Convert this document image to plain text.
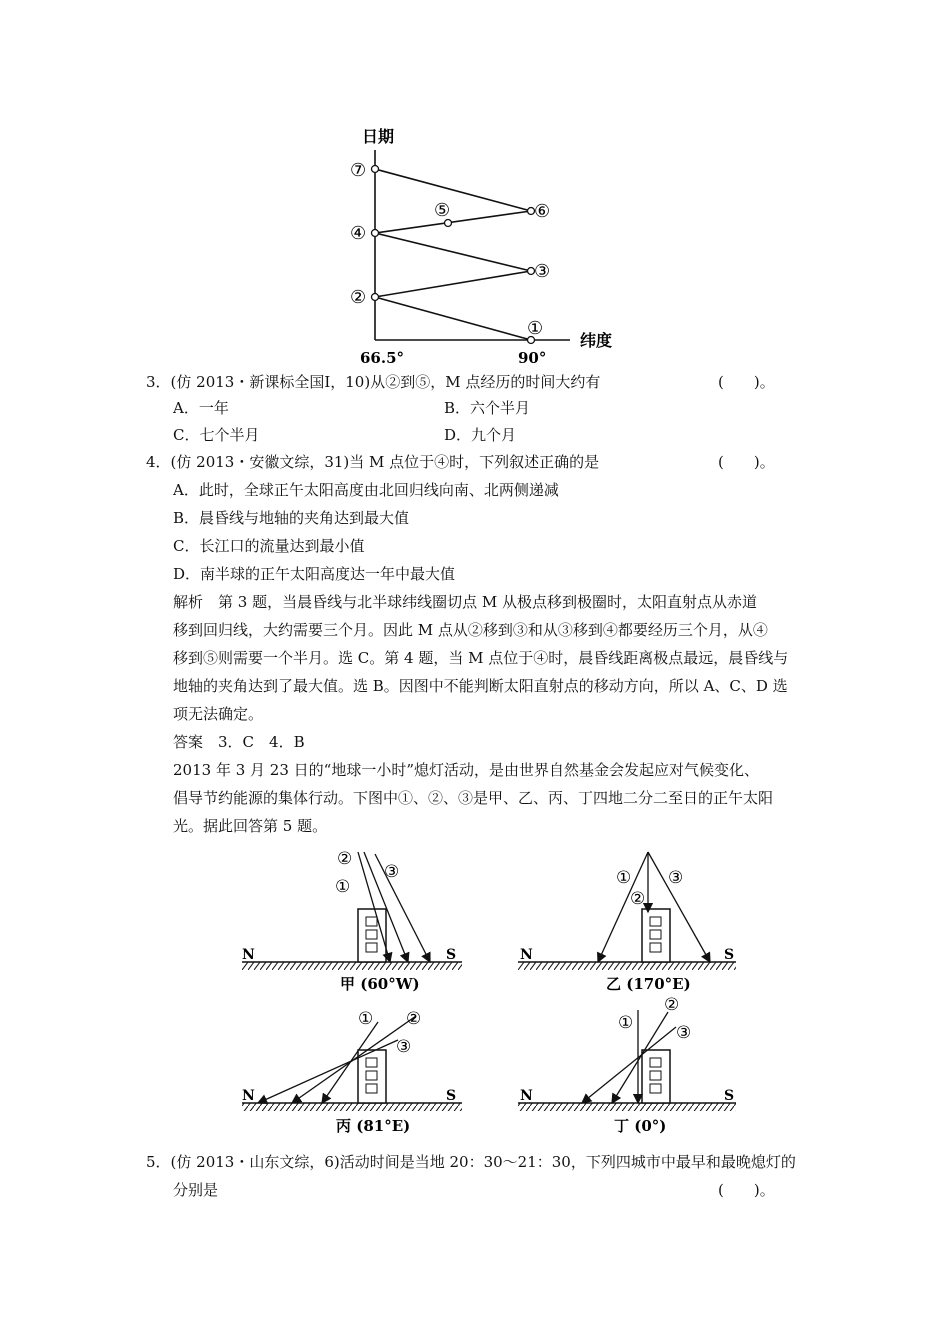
日期
纬度
66.5°	90°
⑦
⑥
⑤
④
③
②
①
3．(仿 2013・新课标全国Ⅰ，10)从②到⑤，M 点经历的时间大约有	(　　)。
A．一年	B．六个半月
C．七个半月	D．九个月
4．(仿 2013・安徽文综，31)当 M 点位于④时，下列叙述正确的是	(　　)。
A．此时，全球正午太阳高度由北回归线向南、北两侧递减
B．晨昏线与地轴的夹角达到最大值
C．长江口的流量达到最小值
D．南半球的正午太阳高度达一年中最大值
解析　第 3 题，当晨昏线与北半球纬线圈切点 M 从极点移到极圈时，太阳直射点从赤道
移到回归线，大约需要三个月。因此 M 点从②移到③和从③移到④都要经历三个月，从④
移到⑤则需要一个半月。选 C。第 4 题，当 M 点位于④时，晨昏线距离极点最远，晨昏线与
地轴的夹角达到了最大值。选 B。因图中不能判断太阳直射点的移动方向，所以 A、C、D 选
项无法确定。
答案　3．C　4．B
2013 年 3 月 23 日的“地球一小时”熄灯活动，是由世界自然基金会发起应对气候变化、
倡导节约能源的集体行动。下图中①、②、③是甲、乙、丙、丁四地二分二至日的正午太阳
光。据此回答第 5 题。
N	S
①
②
③
甲 (60°W)
N	S
①
②
③
乙 (170°E)
N	S
① ②
③
丙 (81°E)
N	S
①
②
③
丁 (0°)
5．(仿 2013・山东文综，6)活动时间是当地 20：30～21：30，下列四城市中最早和最晚熄灯的
分别是	(　　)。
